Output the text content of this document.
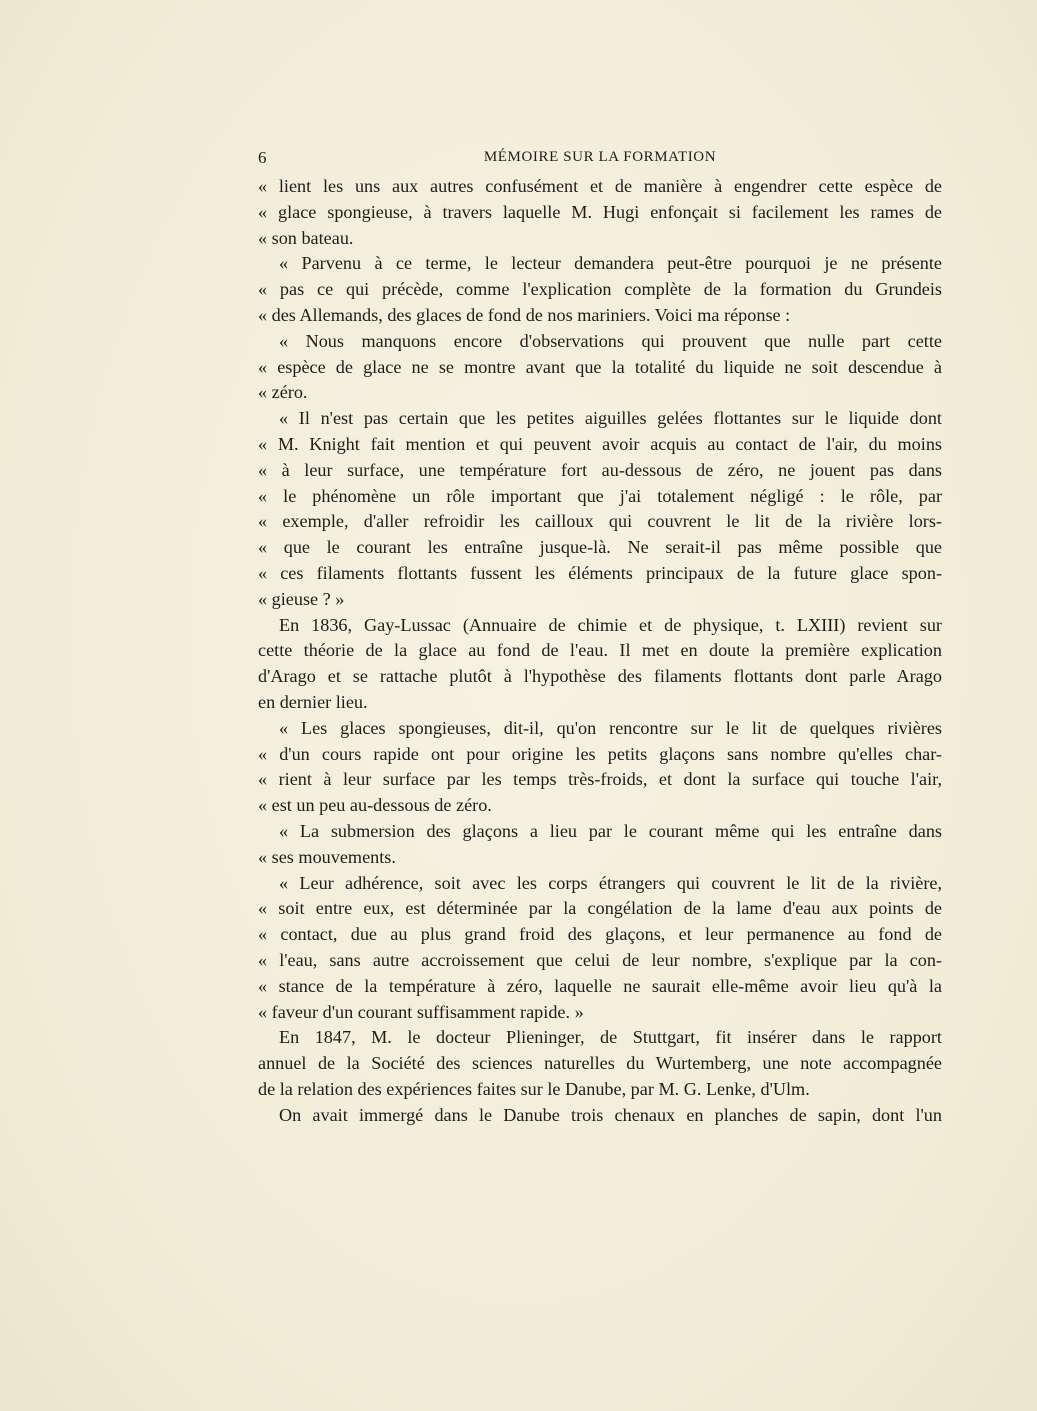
6	MÉMOIRE SUR LA FORMATION
« lient les uns aux autres confusément et de manière à engendrer cette espèce de
« glace spongieuse, à travers laquelle M. Hugi enfonçait si facilement les rames de
« son bateau.
« Parvenu à ce terme, le lecteur demandera peut-être pourquoi je ne présente
« pas ce qui précède, comme l'explication complète de la formation du Grundeis
« des Allemands, des glaces de fond de nos mariniers. Voici ma réponse :
« Nous manquons encore d'observations qui prouvent que nulle part cette
« espèce de glace ne se montre avant que la totalité du liquide ne soit descendue à
« zéro.
« Il n'est pas certain que les petites aiguilles gelées flottantes sur le liquide dont
« M. Knight fait mention et qui peuvent avoir acquis au contact de l'air, du moins
« à leur surface, une température fort au-dessous de zéro, ne jouent pas dans
« le phénomène un rôle important que j'ai totalement négligé : le rôle, par
« exemple, d'aller refroidir les cailloux qui couvrent le lit de la rivière lors-
« que le courant les entraîne jusque-là. Ne serait-il pas même possible que
« ces filaments flottants fussent les éléments principaux de la future glace spon-
« gieuse ? »
En 1836, Gay-Lussac (Annuaire de chimie et de physique, t. LXIII) revient sur
cette théorie de la glace au fond de l'eau. Il met en doute la première explication
d'Arago et se rattache plutôt à l'hypothèse des filaments flottants dont parle Arago
en dernier lieu.
« Les glaces spongieuses, dit-il, qu'on rencontre sur le lit de quelques rivières
« d'un cours rapide ont pour origine les petits glaçons sans nombre qu'elles char-
« rient à leur surface par les temps très-froids, et dont la surface qui touche l'air,
« est un peu au-dessous de zéro.
« La submersion des glaçons a lieu par le courant même qui les entraîne dans
« ses mouvements.
« Leur adhérence, soit avec les corps étrangers qui couvrent le lit de la rivière,
« soit entre eux, est déterminée par la congélation de la lame d'eau aux points de
« contact, due au plus grand froid des glaçons, et leur permanence au fond de
« l'eau, sans autre accroissement que celui de leur nombre, s'explique par la con-
« stance de la température à zéro, laquelle ne saurait elle-même avoir lieu qu'à la
« faveur d'un courant suffisamment rapide. »
En 1847, M. le docteur Plieninger, de Stuttgart, fit insérer dans le rapport
annuel de la Société des sciences naturelles du Wurtemberg, une note accompagnée
de la relation des expériences faites sur le Danube, par M. G. Lenke, d'Ulm.
On avait immergé dans le Danube trois chenaux en planches de sapin, dont l'un
